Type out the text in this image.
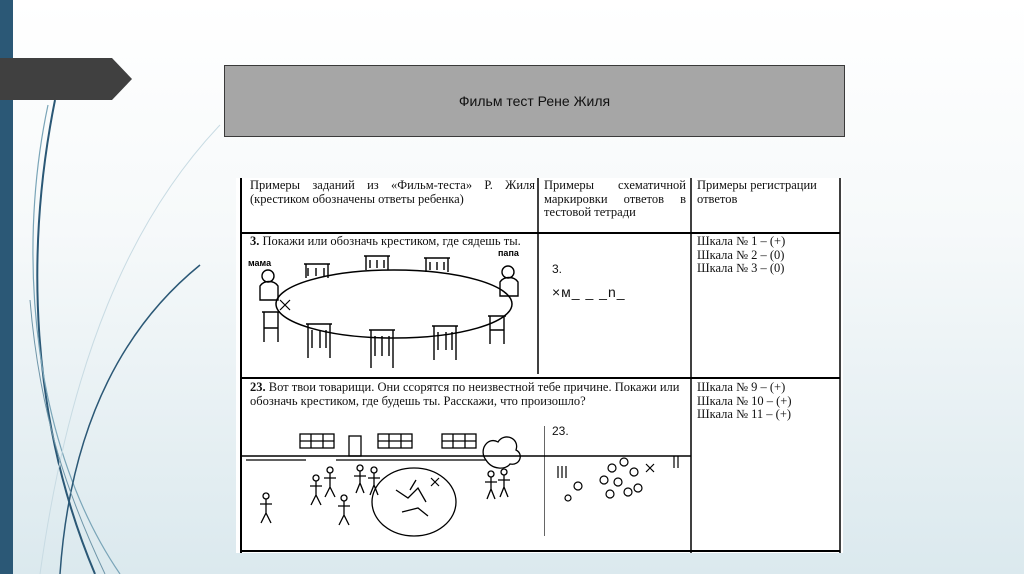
Фильм тест Рене Жиля
Примеры заданий из «Фильм-теста» Р. Жиля (крестиком обозначены ответы ребенка)
Примеры схематичной маркировки ответов в тестовой тетради
Примеры регистрации ответов
3. Покажи или обозначь крестиком, где сядешь ты.	Шкала № 1 – (+)
Шкала № 2 – (0)
Шкала № 3 – (0)
мама
папа
3.
×м_ _ _n_
23. Вот твои товарищи. Они ссорятся по неизвестной тебе причине. Покажи или обозначь крестиком, где будешь ты. Расскажи, что произошло?
Шкала № 9 – (+)
Шкала № 10 – (+)
Шкала № 11 – (+)
23.
